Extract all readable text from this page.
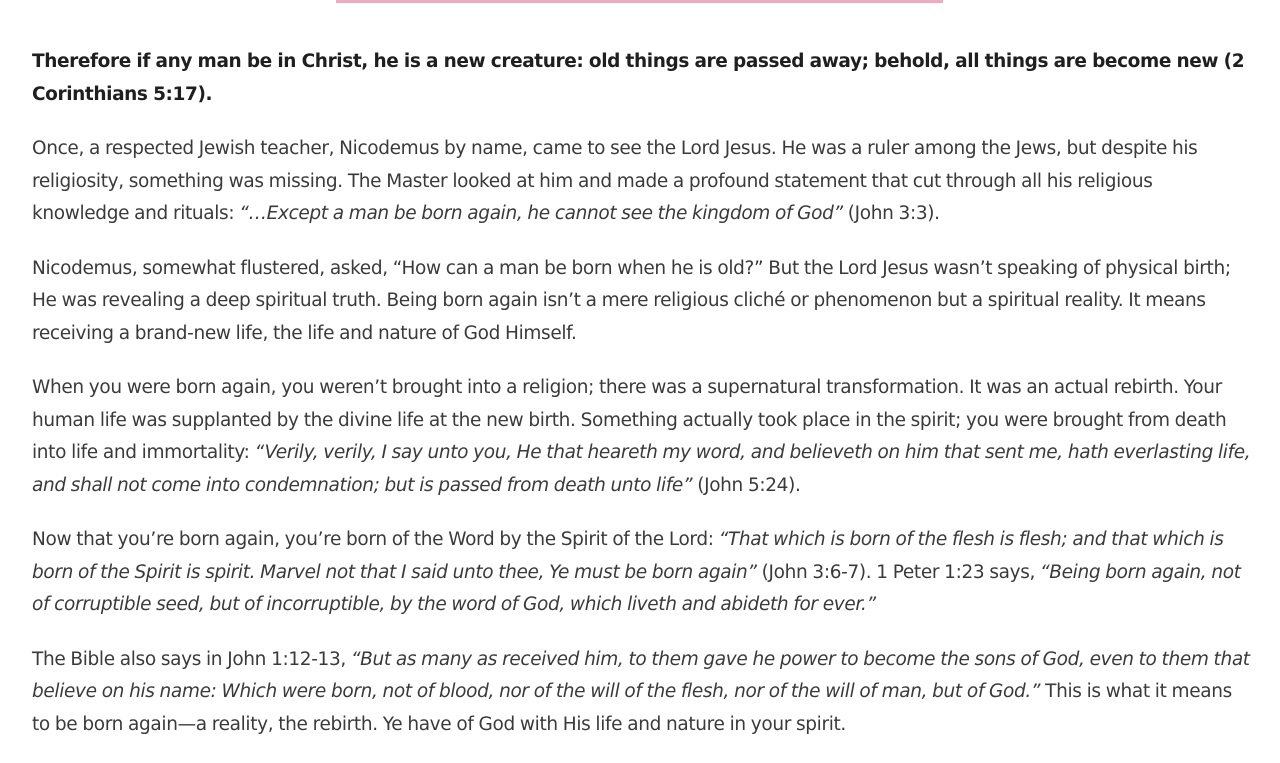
Therefore if any man be in Christ, he is a new creature: old things are passed away; behold, all things are become new (2 Corinthians 5:17).

Once, a respected Jewish teacher, Nicodemus by name, came to see the Lord Jesus. He was a ruler among the Jews, but despite his religiosity, something was missing. The Master looked at him and made a profound statement that cut through all his religious knowledge and rituals: “…Except a man be born again, he cannot see the kingdom of God” (John 3:3).

Nicodemus, somewhat flustered, asked, “How can a man be born when he is old?” But the Lord Jesus wasn’t speaking of physical birth; He was revealing a deep spiritual truth. Being born again isn’t a mere religious cliché or phenomenon but a spiritual reality. It means receiving a brand-new life, the life and nature of God Himself.

When you were born again, you weren’t brought into a religion; there was a supernatural transformation. It was an actual rebirth. Your human life was supplanted by the divine life at the new birth. Something actually took place in the spirit; you were brought from death into life and immortality: “Verily, verily, I say unto you, He that heareth my word, and believeth on him that sent me, hath everlasting life, and shall not come into condemnation; but is passed from death unto life” (John 5:24).

Now that you’re born again, you’re born of the Word by the Spirit of the Lord: “That which is born of the flesh is flesh; and that which is born of the Spirit is spirit. Marvel not that I said unto thee, Ye must be born again” (John 3:6-7). 1 Peter 1:23 says, “Being born again, not of corruptible seed, but of incorruptible, by the word of God, which liveth and abideth for ever.”

The Bible also says in John 1:12-13, “But as many as received him, to them gave he power to become the sons of God, even to them that believe on his name: Which were born, not of blood, nor of the will of the flesh, nor of the will of man, but of God.” This is what it means to be born again—a reality, the rebirth. Ye have of God with His life and nature in your spirit.
